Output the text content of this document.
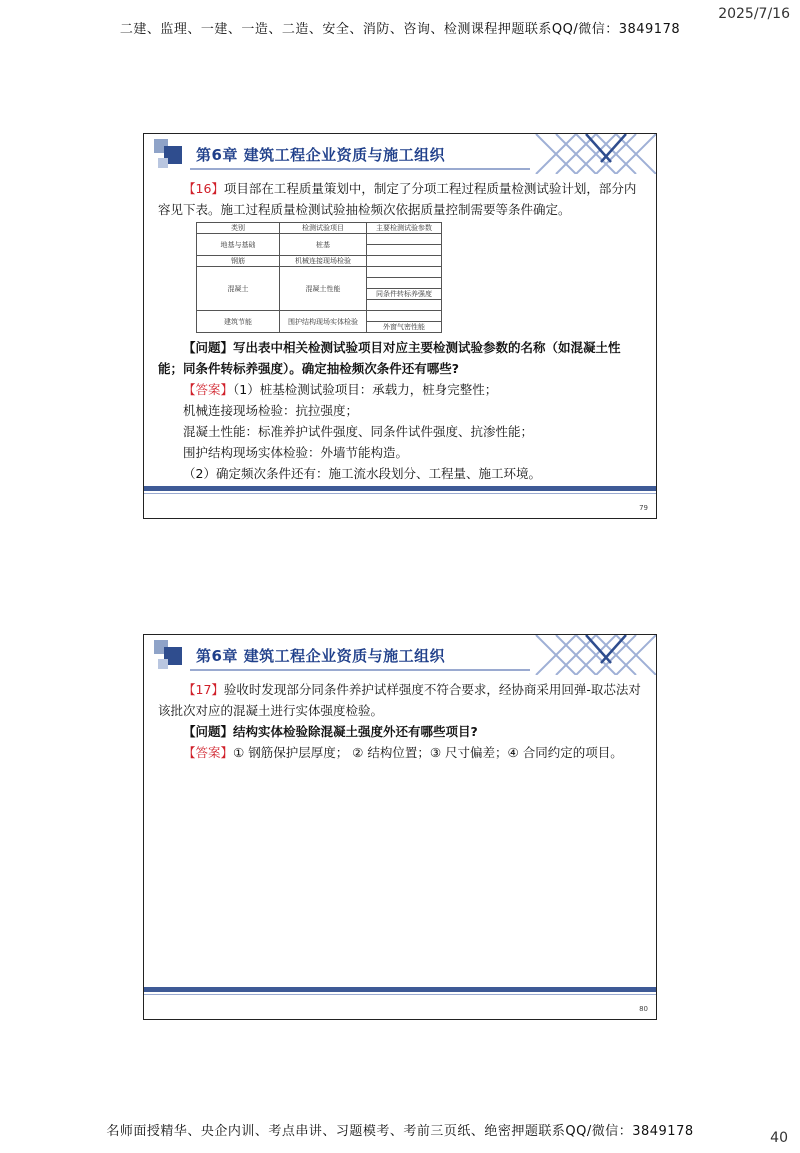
二建、监理、一建、一造、二造、安全、消防、咨询、检测课程押题联系QQ/微信：3849178
2025/7/16
第6章 建筑工程企业资质与施工组织

【16】项目部在工程质量策划中，制定了分项工程过程质量检测试验计划，部分内容见下表。施工过程质量检测试验抽检频次依据质量控制需要等条件确定。

类别	检测试验项目	主要检测试验参数
地基与基础	桩基	

钢筋	机械连接现场检验	
混凝土	混凝土性能	

		同条件转标养强度

建筑节能	围护结构现场实体检验	
		外窗气密性能

【问题】写出表中相关检测试验项目对应主要检测试验参数的名称（如混凝土性能；同条件转标养强度）。确定抽检频次条件还有哪些?

【答案】（1）桩基检测试验项目：承载力，桩身完整性；

机械连接现场检验：抗拉强度；

混凝土性能：标准养护试件强度、同条件试件强度、抗渗性能；

围护结构现场实体检验：外墙节能构造。

（2）确定频次条件还有：施工流水段划分、工程量、施工环境。

79
第6章 建筑工程企业资质与施工组织

【17】验收时发现部分同条件养护试样强度不符合要求，经协商采用回弹-取芯法对该批次对应的混凝土进行实体强度检验。

【问题】结构实体检验除混凝土强度外还有哪些项目?

【答案】① 钢筋保护层厚度； ② 结构位置；③ 尺寸偏差；④ 合同约定的项目。

80
名师面授精华、央企内训、考点串讲、习题模考、考前三页纸、绝密押题联系QQ/微信：3849178	40
